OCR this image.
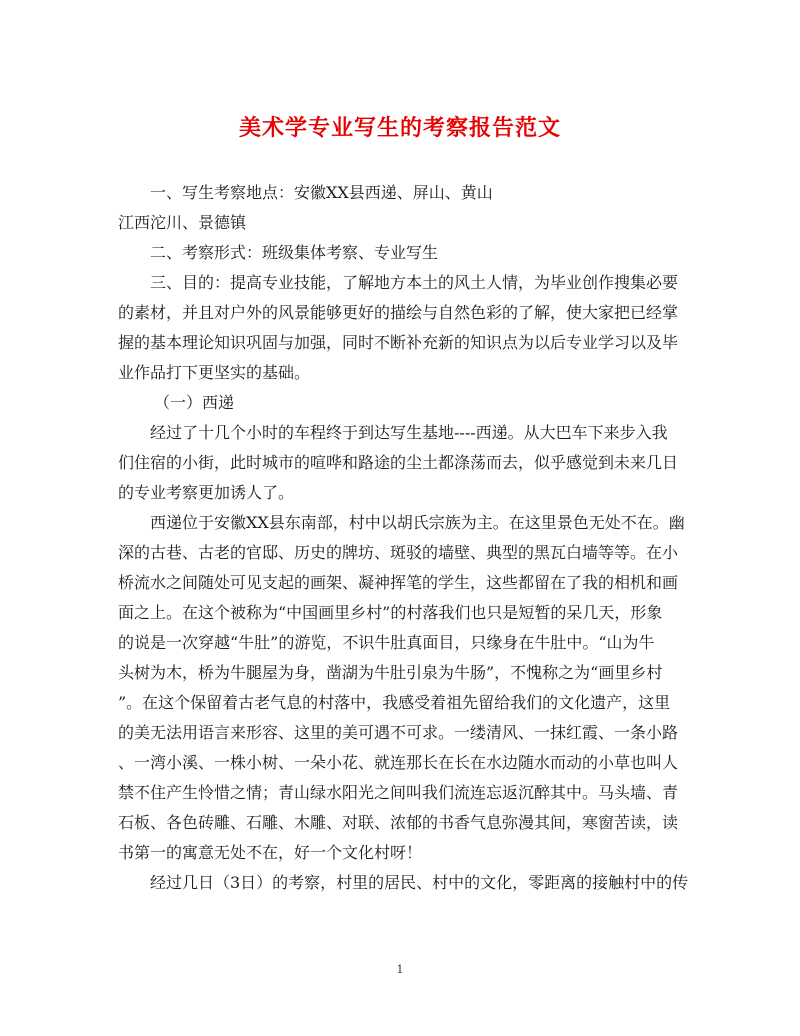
美术学专业写生的考察报告范文

一、写生考察地点：安徽XX县西递、屏山、黄山

江西沱川、景德镇

二、考察形式：班级集体考察、专业写生

三、目的：提高专业技能，了解地方本土的风土人情，为毕业创作搜集必要

的素材，并且对户外的风景能够更好的描绘与自然色彩的了解，使大家把已经掌

握的基本理论知识巩固与加强，同时不断补充新的知识点为以后专业学习以及毕

业作品打下更坚实的基础。

（一）西递

经过了十几个小时的车程终于到达写生基地----西递。从大巴车下来步入我

们住宿的小街，此时城市的喧哗和路途的尘土都涤荡而去，似乎感觉到未来几日

的专业考察更加诱人了。

西递位于安徽XX县东南部，村中以胡氏宗族为主。在这里景色无处不在。幽

深的古巷、古老的官邸、历史的牌坊、斑驳的墙壁、典型的黑瓦白墙等等。在小

桥流水之间随处可见支起的画架、凝神挥笔的学生，这些都留在了我的相机和画

面之上。在这个被称为“中国画里乡村”的村落我们也只是短暂的呆几天，形象

的说是一次穿越“牛肚”的游览，不识牛肚真面目，只缘身在牛肚中。“山为牛

头树为木，桥为牛腿屋为身，凿湖为牛肚引泉为牛肠”，不愧称之为“画里乡村

”。在这个保留着古老气息的村落中，我感受着祖先留给我们的文化遗产，这里

的美无法用语言来形容、这里的美可遇不可求。一缕清风、一抹红霞、一条小路

、一湾小溪、一株小树、一朵小花、就连那长在长在水边随水而动的小草也叫人

禁不住产生怜惜之情；青山绿水阳光之间叫我们流连忘返沉醉其中。马头墙、青

石板、各色砖雕、石雕、木雕、对联、浓郁的书香气息弥漫其间，寒窗苦读，读

书第一的寓意无处不在，好一个文化村呀！

经过几日（3日）的考察，村里的居民、村中的文化，零距离的接触村中的传

1
